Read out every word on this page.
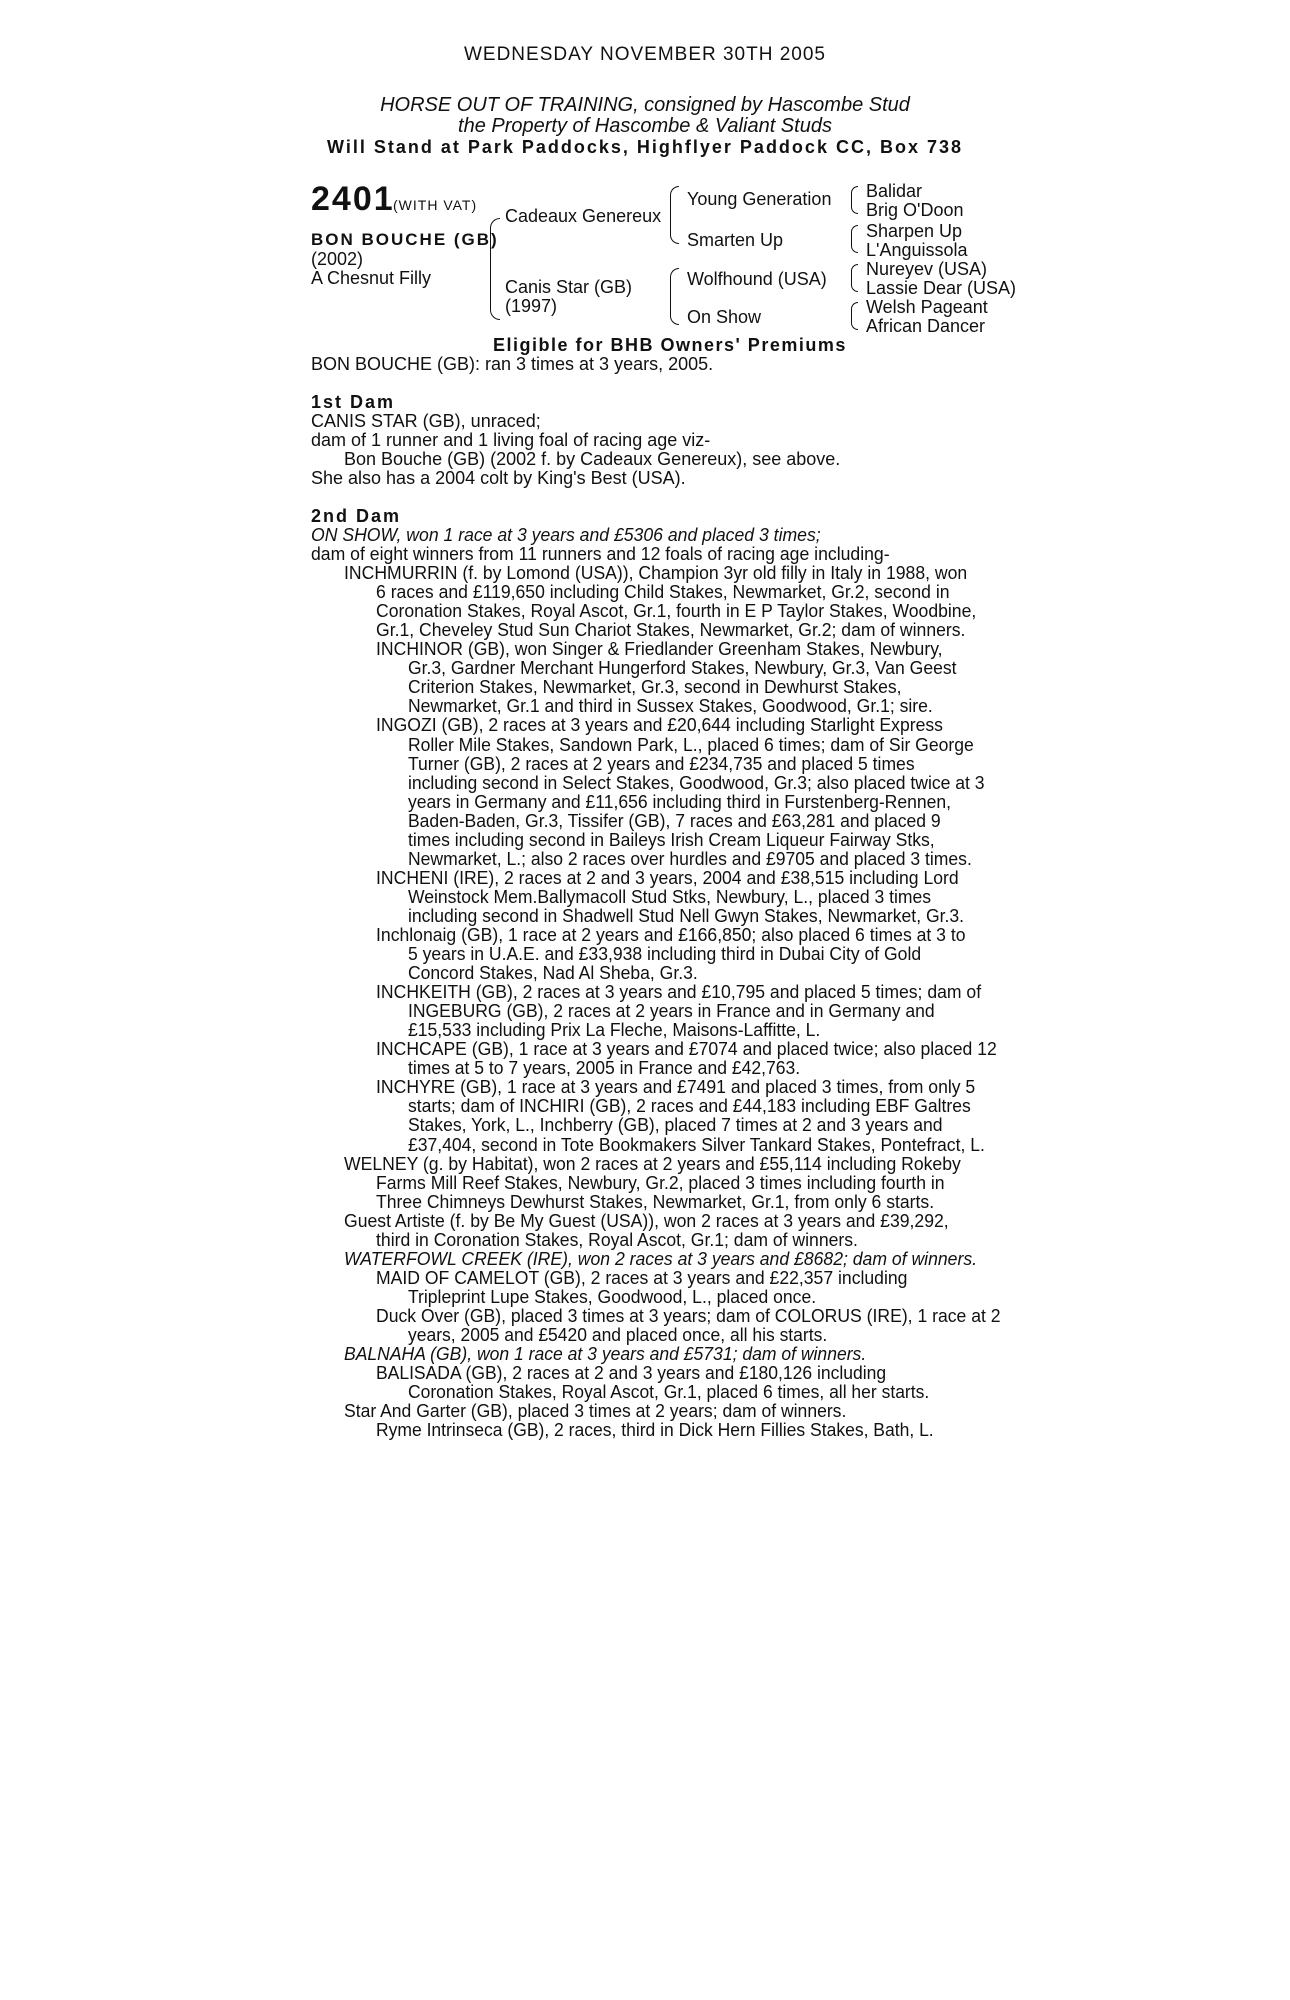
WEDNESDAY NOVEMBER 30TH 2005
HORSE OUT OF TRAINING, consigned by Hascombe Stud
the Property of Hascombe & Valiant Studs
Will Stand at Park Paddocks, Highflyer Paddock CC, Box 738
2401
(WITH VAT)
BON BOUCHE (GB)
(2002)
A Chesnut Filly
Cadeaux Genereux
Canis Star (GB)
(1997)
Young Generation
Smarten Up
Wolfhound (USA)
On Show
Balidar
Brig O'Doon
Sharpen Up
L'Anguissola
Nureyev (USA)
Lassie Dear (USA)
Welsh Pageant
African Dancer
Eligible for BHB Owners' Premiums
BON BOUCHE (GB): ran 3 times at 3 years, 2005.
1st Dam
CANIS STAR (GB), unraced;
dam of 1 runner and 1 living foal of racing age viz-
Bon Bouche (GB) (2002 f. by Cadeaux Genereux), see above.
She also has a 2004 colt by King's Best (USA).
2nd Dam
ON SHOW, won 1 race at 3 years and £5306 and placed 3 times;
dam of eight winners from 11 runners and 12 foals of racing age including-
INCHMURRIN (f. by Lomond (USA)), Champion 3yr old filly in Italy in 1988, won
6 races and £119,650 including Child Stakes, Newmarket, Gr.2, second in
Coronation Stakes, Royal Ascot, Gr.1, fourth in E P Taylor Stakes, Woodbine,
Gr.1, Cheveley Stud Sun Chariot Stakes, Newmarket, Gr.2; dam of winners.
INCHINOR (GB), won Singer & Friedlander Greenham Stakes, Newbury,
Gr.3, Gardner Merchant Hungerford Stakes, Newbury, Gr.3, Van Geest
Criterion Stakes, Newmarket, Gr.3, second in Dewhurst Stakes,
Newmarket, Gr.1 and third in Sussex Stakes, Goodwood, Gr.1; sire.
INGOZI (GB), 2 races at 3 years and £20,644 including Starlight Express
Roller Mile Stakes, Sandown Park, L., placed 6 times; dam of Sir George
Turner (GB), 2 races at 2 years and £234,735 and placed 5 times
including second in Select Stakes, Goodwood, Gr.3; also placed twice at 3
years in Germany and £11,656 including third in Furstenberg-Rennen,
Baden-Baden, Gr.3, Tissifer (GB), 7 races and £63,281 and placed 9
times including second in Baileys Irish Cream Liqueur Fairway Stks,
Newmarket, L.; also 2 races over hurdles and £9705 and placed 3 times.
INCHENI (IRE), 2 races at 2 and 3 years, 2004 and £38,515 including Lord
Weinstock Mem.Ballymacoll Stud Stks, Newbury, L., placed 3 times
including second in Shadwell Stud Nell Gwyn Stakes, Newmarket, Gr.3.
Inchlonaig (GB), 1 race at 2 years and £166,850; also placed 6 times at 3 to
5 years in U.A.E. and £33,938 including third in Dubai City of Gold
Concord Stakes, Nad Al Sheba, Gr.3.
INCHKEITH (GB), 2 races at 3 years and £10,795 and placed 5 times; dam of
INGEBURG (GB), 2 races at 2 years in France and in Germany and
£15,533 including Prix La Fleche, Maisons-Laffitte, L.
INCHCAPE (GB), 1 race at 3 years and £7074 and placed twice; also placed 12
times at 5 to 7 years, 2005 in France and £42,763.
INCHYRE (GB), 1 race at 3 years and £7491 and placed 3 times, from only 5
starts; dam of INCHIRI (GB), 2 races and £44,183 including EBF Galtres
Stakes, York, L., Inchberry (GB), placed 7 times at 2 and 3 years and
£37,404, second in Tote Bookmakers Silver Tankard Stakes, Pontefract, L.
WELNEY (g. by Habitat), won 2 races at 2 years and £55,114 including Rokeby
Farms Mill Reef Stakes, Newbury, Gr.2, placed 3 times including fourth in
Three Chimneys Dewhurst Stakes, Newmarket, Gr.1, from only 6 starts.
Guest Artiste (f. by Be My Guest (USA)), won 2 races at 3 years and £39,292,
third in Coronation Stakes, Royal Ascot, Gr.1; dam of winners.
WATERFOWL CREEK (IRE), won 2 races at 3 years and £8682; dam of winners.
MAID OF CAMELOT (GB), 2 races at 3 years and £22,357 including
Tripleprint Lupe Stakes, Goodwood, L., placed once.
Duck Over (GB), placed 3 times at 3 years; dam of COLORUS (IRE), 1 race at 2
years, 2005 and £5420 and placed once, all his starts.
BALNAHA (GB), won 1 race at 3 years and £5731; dam of winners.
BALISADA (GB), 2 races at 2 and 3 years and £180,126 including
Coronation Stakes, Royal Ascot, Gr.1, placed 6 times, all her starts.
Star And Garter (GB), placed 3 times at 2 years; dam of winners.
Ryme Intrinseca (GB), 2 races, third in Dick Hern Fillies Stakes, Bath, L.
